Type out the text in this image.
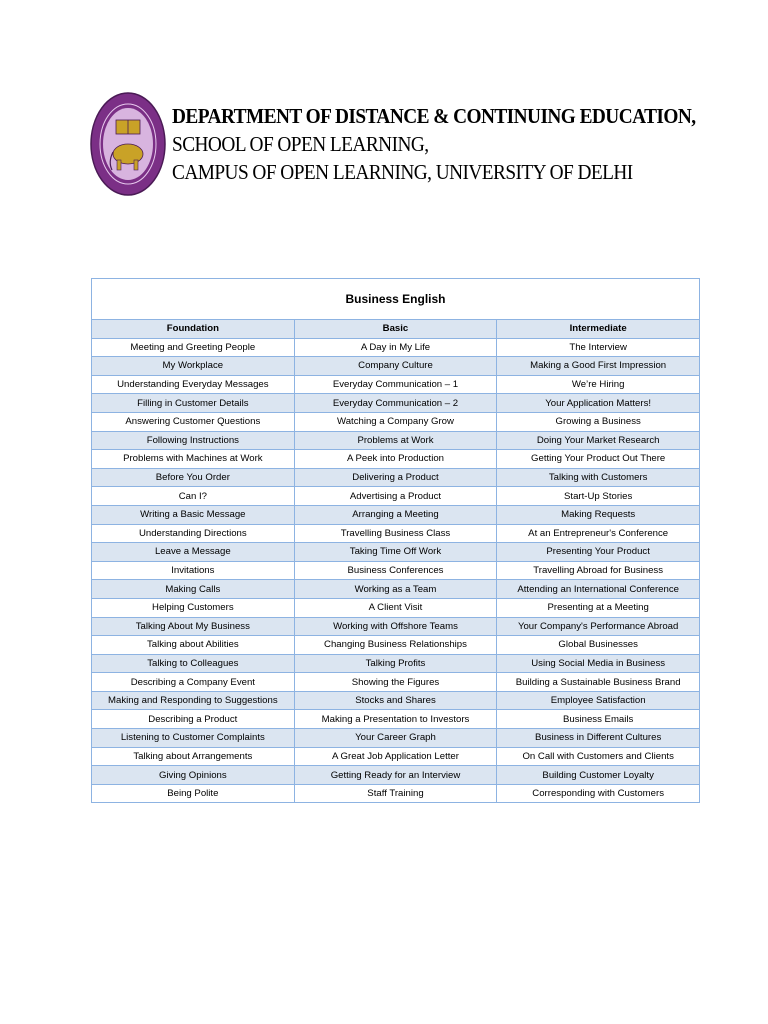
DEPARTMENT OF DISTANCE & CONTINUING EDUCATION,
SCHOOL OF OPEN LEARNING,
CAMPUS OF OPEN LEARNING, UNIVERSITY OF DELHI
Business English
Foundation	Basic	Intermediate
Meeting and Greeting People	A Day in My Life	The Interview
My Workplace	Company Culture	Making a Good First Impression
Understanding Everyday Messages	Everyday Communication – 1	We’re Hiring
Filling in Customer Details	Everyday Communication – 2	Your Application Matters!
Answering Customer Questions	Watching a Company Grow	Growing a Business
Following Instructions	Problems at Work	Doing Your Market Research
Problems with Machines at Work	A Peek into Production	Getting Your Product Out There
Before You Order	Delivering a Product	Talking with Customers
Can I?	Advertising a Product	Start-Up Stories
Writing a Basic Message	Arranging a Meeting	Making Requests
Understanding Directions	Travelling Business Class	At an Entrepreneur's Conference
Leave a Message	Taking Time Off Work	Presenting Your Product
Invitations	Business Conferences	Travelling Abroad for Business
Making Calls	Working as a Team	Attending an International Conference
Helping Customers	A Client Visit	Presenting at a Meeting
Talking About My Business	Working with Offshore Teams	Your Company's Performance Abroad
Talking about Abilities	Changing Business Relationships	Global Businesses
Talking to Colleagues	Talking Profits	Using Social Media in Business
Describing a Company Event	Showing the Figures	Building a Sustainable Business Brand
Making and Responding to Suggestions	Stocks and Shares	Employee Satisfaction
Describing a Product	Making a Presentation to Investors	Business Emails
Listening to Customer Complaints	Your Career Graph	Business in Different Cultures
Talking about Arrangements	A Great Job Application Letter	On Call with Customers and Clients
Giving Opinions	Getting Ready for an Interview	Building Customer Loyalty
Being Polite	Staff Training	Corresponding with Customers
